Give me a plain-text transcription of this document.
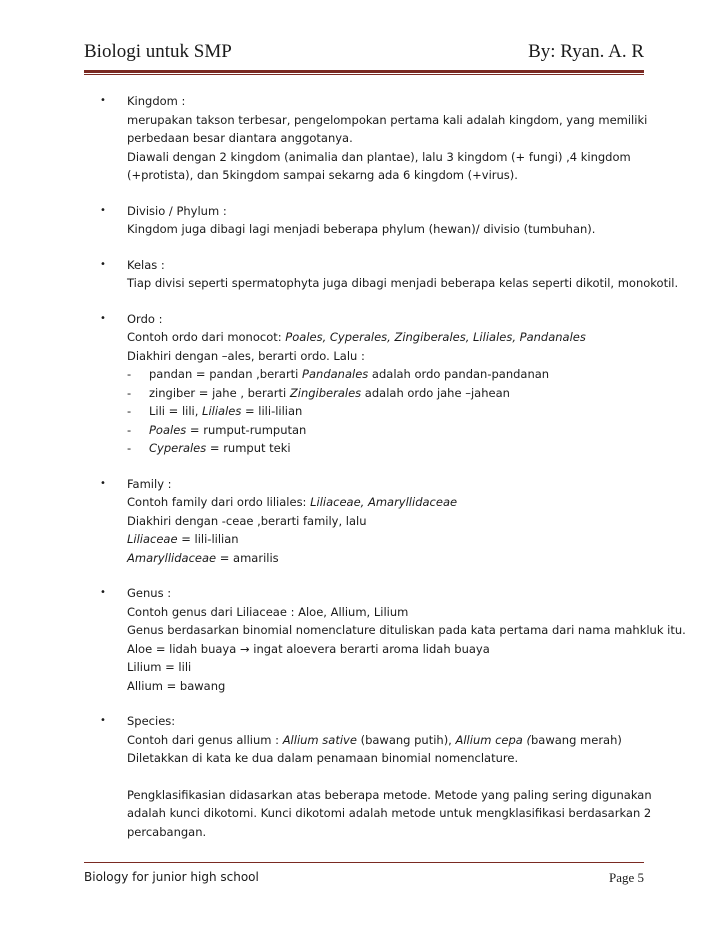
Biologi untuk SMP	By: Ryan. A. R
• Kingdom :
merupakan takson terbesar, pengelompokan pertama kali adalah kingdom, yang memiliki
perbedaan besar diantara anggotanya.
Diawali dengan 2 kingdom (animalia dan plantae), lalu 3 kingdom (+ fungi) ,4 kingdom
(+protista), dan 5kingdom sampai sekarng ada 6 kingdom (+virus).
• Divisio / Phylum :
Kingdom juga dibagi lagi menjadi beberapa phylum (hewan)/ divisio (tumbuhan).
• Kelas :
Tiap divisi seperti spermatophyta juga dibagi menjadi beberapa kelas seperti dikotil, monokotil.
• Ordo :
Contoh ordo dari monocot: Poales, Cyperales, Zingiberales, Liliales, Pandanales
Diakhiri dengan –ales, berarti ordo. Lalu :
- pandan = pandan ,berarti Pandanales adalah ordo pandan-pandanan
- zingiber = jahe , berarti Zingiberales adalah ordo jahe –jahean
- Lili = lili, Liliales = lili-lilian
- Poales = rumput-rumputan
- Cyperales = rumput teki
• Family :
Contoh family dari ordo liliales: Liliaceae, Amaryllidaceae
Diakhiri dengan -ceae ,berarti family, lalu
Liliaceae = lili-lilian
Amaryllidaceae = amarilis
• Genus :
Contoh genus dari Liliaceae : Aloe, Allium, Lilium
Genus berdasarkan binomial nomenclature dituliskan pada kata pertama dari nama mahkluk itu.
Aloe = lidah buaya → ingat aloevera berarti aroma lidah buaya
Lilium = lili
Allium = bawang
• Species:
Contoh dari genus allium : Allium sative (bawang putih), Allium cepa (bawang merah)
Diletakkan di kata ke dua dalam penamaan binomial nomenclature.
Pengklasifikasian didasarkan atas beberapa metode. Metode yang paling sering digunakan
adalah kunci dikotomi. Kunci dikotomi adalah metode untuk mengklasifikasi berdasarkan 2
percabangan.
Biology for junior high school	Page 5
